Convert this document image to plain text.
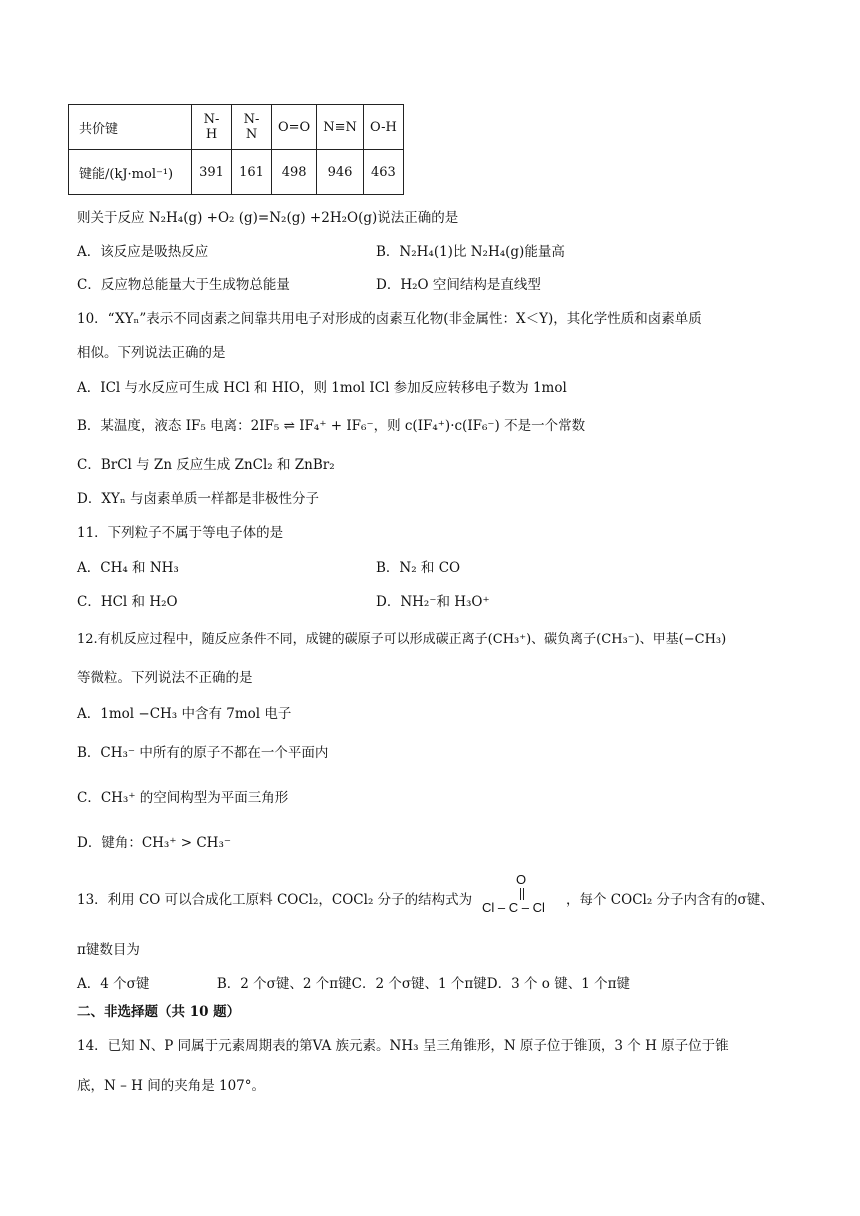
共价键	N-H	N-N	O=O	N≡N	O-H
键能/(kJ·mol⁻¹)	391	161	498	946	463
则关于反应 N₂H₄(g) +O₂ (g)=N₂(g) +2H₂O(g)说法正确的是
A．该反应是吸热反应	B．N₂H₄(1)比 N₂H₄(g)能量高
C．反应物总能量大于生成物总能量	D．H₂O 空间结构是直线型
10．“XYₙ”表示不同卤素之间靠共用电子对形成的卤素互化物(非金属性：X＜Y)，其化学性质和卤素单质
相似。下列说法正确的是
A．ICl 与水反应可生成 HCl 和 HIO，则 1mol ICl 参加反应转移电子数为 1mol
B．某温度，液态 IF₅ 电离：2IF₅ ⇌ IF₄⁺ + IF₆⁻，则 c(IF₄⁺)·c(IF₆⁻) 不是一个常数
C．BrCl 与 Zn 反应生成 ZnCl₂ 和 ZnBr₂
D．XYₙ 与卤素单质一样都是非极性分子
11．下列粒子不属于等电子体的是
A．CH₄ 和 NH₃	B．N₂ 和 CO
C．HCl 和 H₂O	D．NH₂⁻和 H₃O⁺
12.有机反应过程中，随反应条件不同，成键的碳原子可以形成碳正离子(CH₃⁺)、碳负离子(CH₃⁻)、甲基(−CH₃)
等微粒。下列说法不正确的是
A．1mol −CH₃ 中含有 7mol 电子
B．CH₃⁻ 中所有的原子不都在一个平面内
C．CH₃⁺ 的空间构型为平面三角形
D．键角：CH₃⁺ > CH₃⁻
13．利用 CO 可以合成化工原料 COCl₂，COCl₂ 分子的结构式为
O
Cl – C – Cl ，每个 COCl₂ 分子内含有的σ键、
π键数目为
A．4 个σ键　　　　　B．2 个σ键、2 个π键C．2 个σ键、1 个π键D．3 个 o 键、1 个π键
二、非选择题（共 10 题）
14．已知 N、P 同属于元素周期表的第VA 族元素。NH₃ 呈三角锥形，N 原子位于锥顶，3 个 H 原子位于锥
底，N – H 间的夹角是 107°。
